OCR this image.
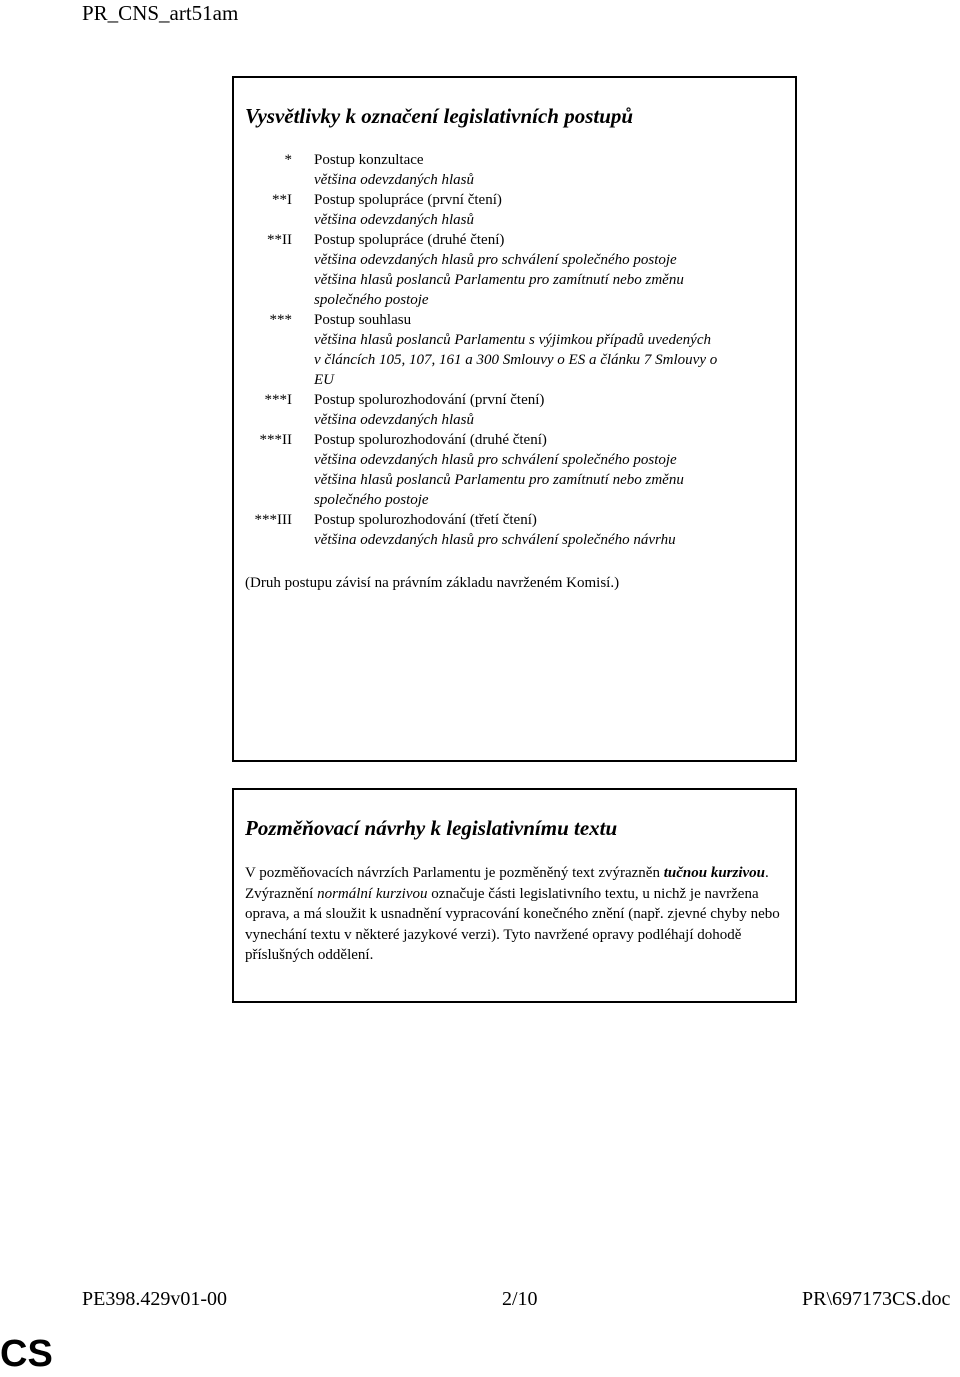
PR_CNS_art51am
Vysvětlivky k označení legislativních postupů
* Postup konzultace
většina odevzdaných hlasů
**I Postup spolupráce (první čtení)
většina odevzdaných hlasů
**II Postup spolupráce (druhé čtení)
většina odevzdaných hlasů pro schválení společného postoje
většina hlasů poslanců Parlamentu pro zamítnutí nebo změnu
společného postoje
*** Postup souhlasu
většina hlasů poslanců Parlamentu s výjimkou případů uvedených
v článcích 105, 107, 161 a 300 Smlouvy o ES a článku 7 Smlouvy o
EU
***I Postup spolurozhodování (první čtení)
většina odevzdaných hlasů
***II Postup spolurozhodování (druhé čtení)
většina odevzdaných hlasů pro schválení společného postoje
většina hlasů poslanců Parlamentu pro zamítnutí nebo změnu
společného postoje
***III Postup spolurozhodování (třetí čtení)
většina odevzdaných hlasů pro schválení společného návrhu
(Druh postupu závisí na právním základu navrženém Komisí.)
Pozměňovací návrhy k legislativnímu textu
V pozměňovacích návrzích Parlamentu je pozměněný text zvýrazněn tučnou kurzivou. Zvýraznění normální kurzivou označuje části legislativního textu, u nichž je navržena oprava, a má sloužit k usnadnění vypracování konečného znění (např. zjevné chyby nebo vynechání textu v některé jazykové verzi). Tyto navržené opravy podléhají dohodě příslušných oddělení.
PE398.429v01-00	2/10	PR\697173CS.doc
CS
